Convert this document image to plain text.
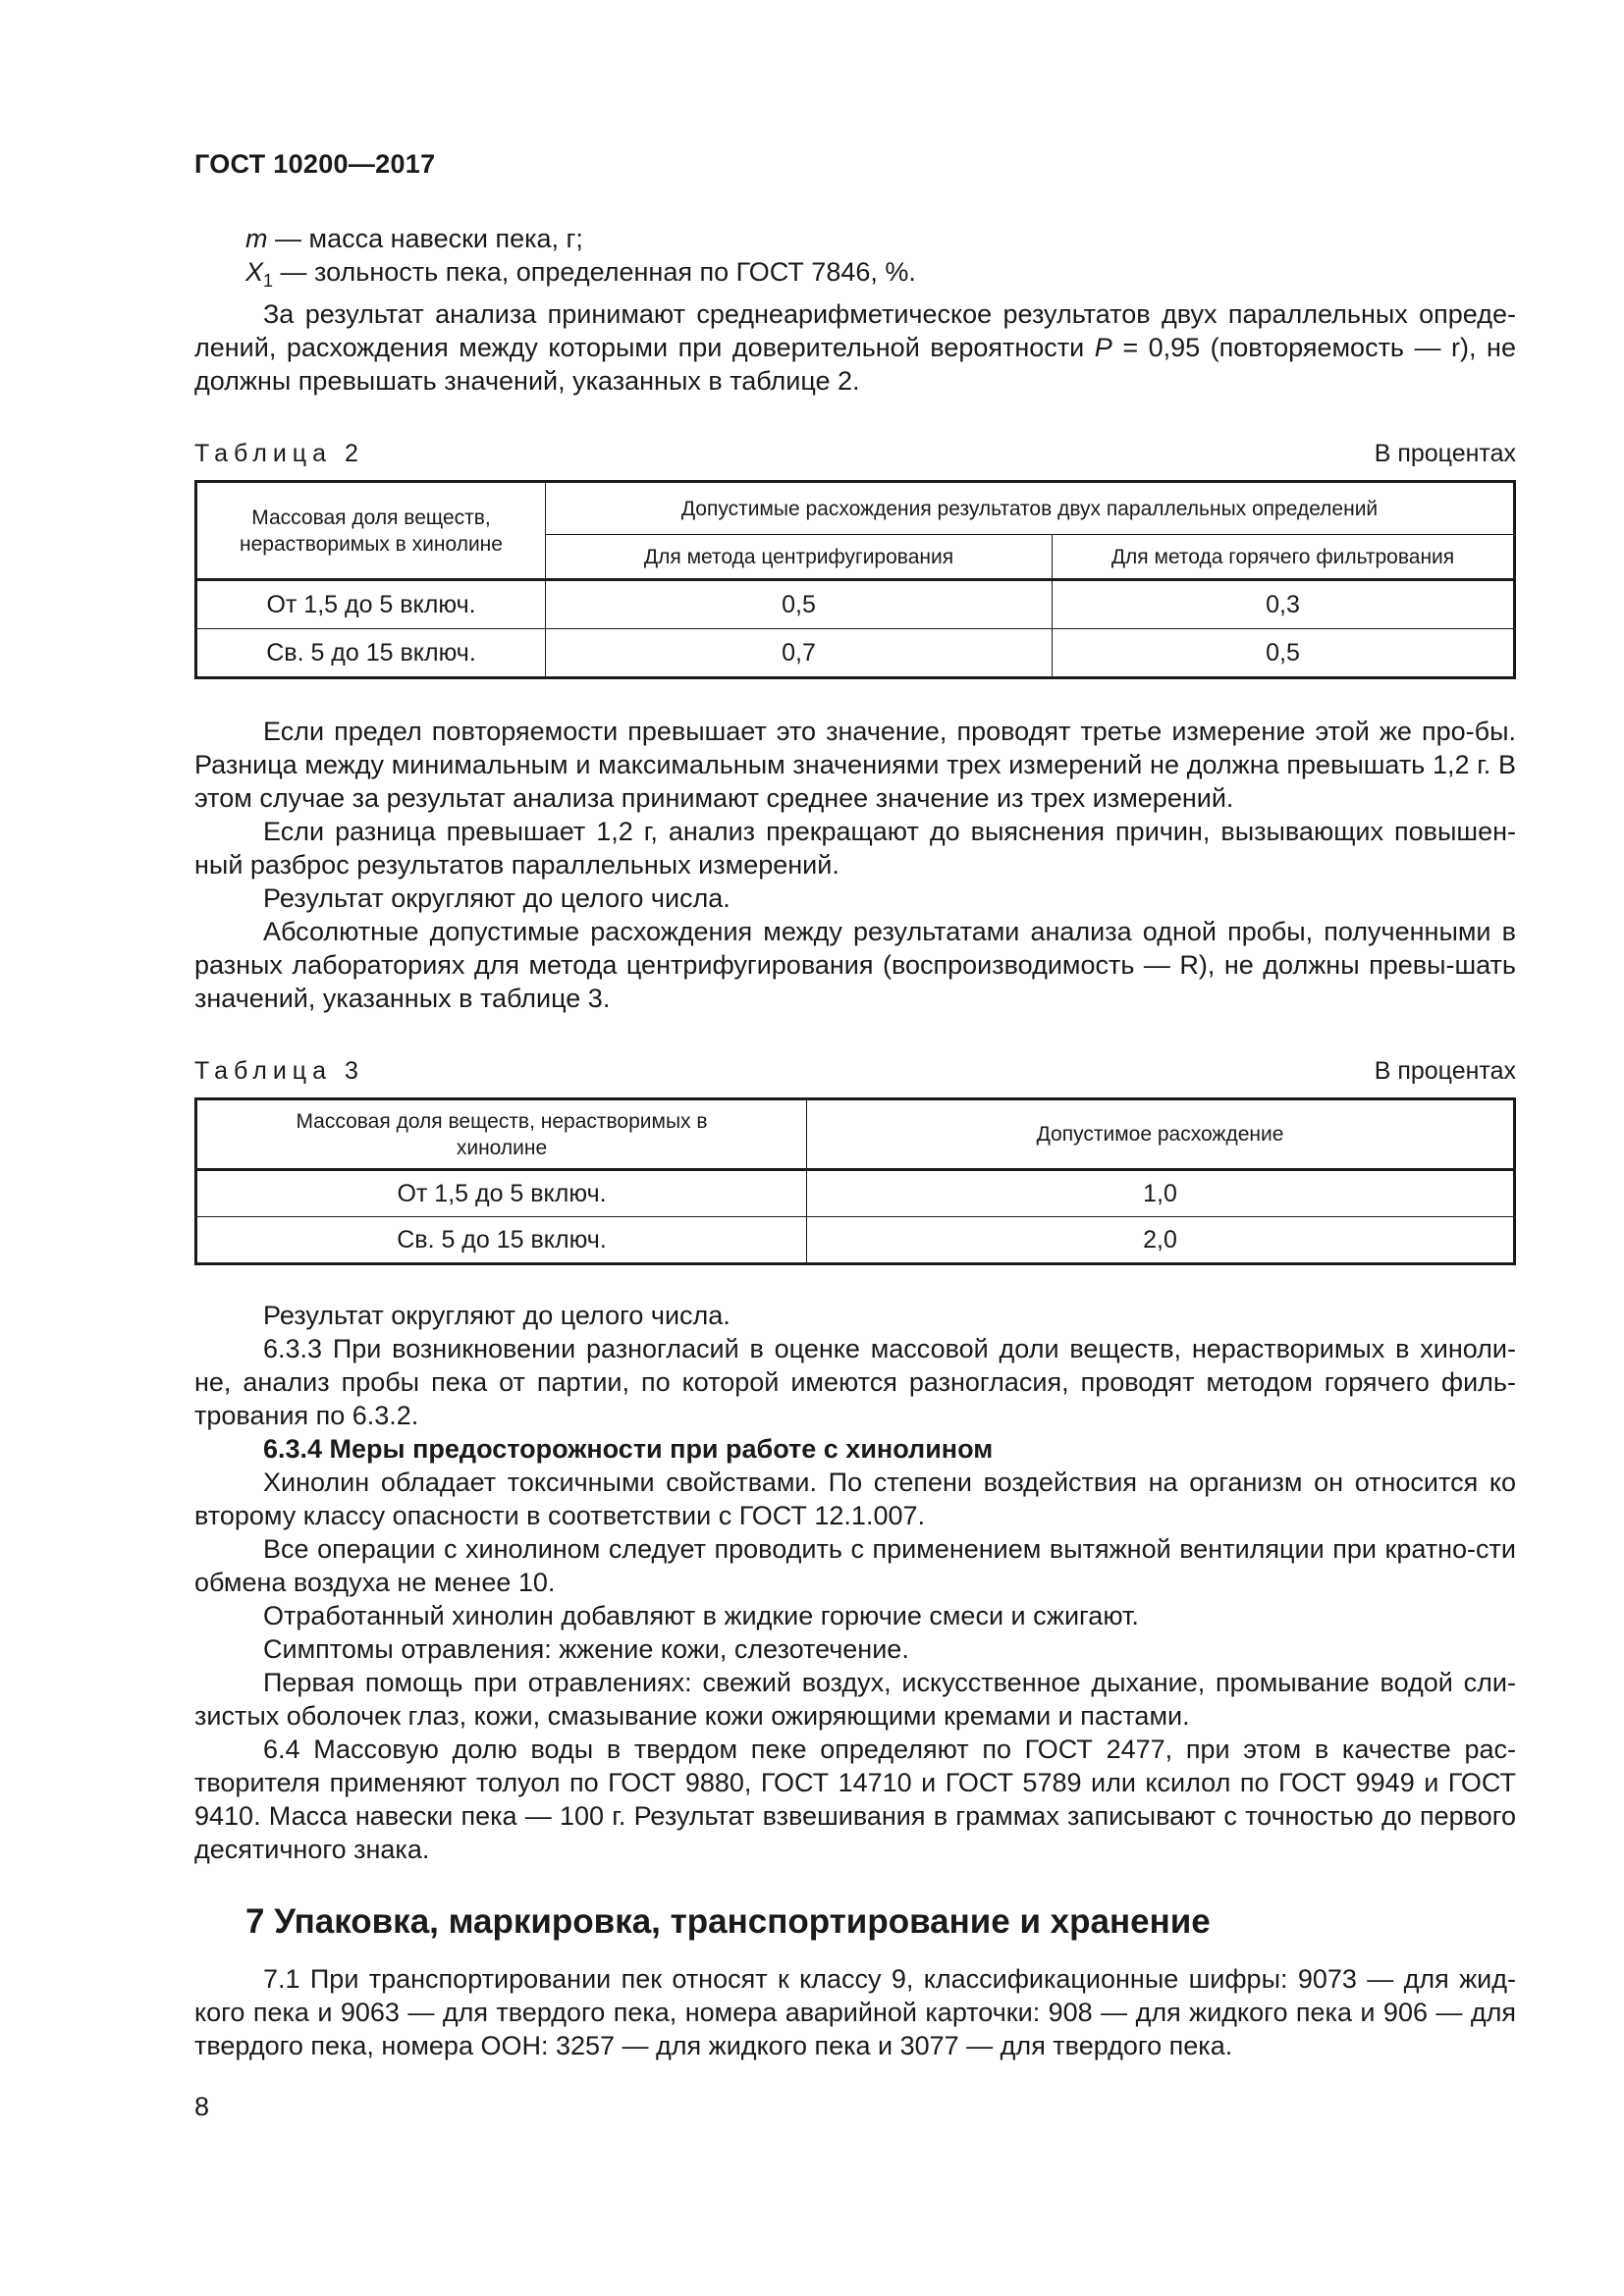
ГОСТ 10200—2017

m — масса навески пека, г;

$X_1$ — зольность пека, определенная по ГОСТ 7846, %.

За результат анализа принимают среднеарифметическое результатов двух параллельных опреде-лений, расхождения между которыми при доверительной вероятности P = 0,95 (повторяемость — r), не должны превышать значений, указанных в таблице 2.

Таблица 2	В процентах
Массовая доля веществ, нерастворимых в хинолине	Допустимые расхождения результатов двух параллельных определений	
	Для метода центрифугирования	Для метода горячего фильтрования
От 1,5 до 5 включ.	0,5	0,3
Св. 5 до 15 включ.	0,7	0,5

Если предел повторяемости превышает это значение, проводят третье измерение этой же про-бы. Разница между минимальным и максимальным значениями трех измерений не должна превышать 1,2 г. В этом случае за результат анализа принимают среднее значение из трех измерений.

Если разница превышает 1,2 г, анализ прекращают до выяснения причин, вызывающих повышен-ный разброс результатов параллельных измерений.

Результат округляют до целого числа.

Абсолютные допустимые расхождения между результатами анализа одной пробы, полученными в разных лабораториях для метода центрифугирования (воспроизводимость — R), не должны превы-шать значений, указанных в таблице 3.

Таблица 3	В процентах
Массовая доля веществ, нерастворимых в хинолине	Допустимое расхождение
От 1,5 до 5 включ.	1,0
Св. 5 до 15 включ.	2,0

Результат округляют до целого числа.

6.3.3 При возникновении разногласий в оценке массовой доли веществ, нерастворимых в хиноли-не, анализ пробы пека от партии, по которой имеются разногласия, проводят методом горячего филь-трования по 6.3.2.

6.3.4 Меры предосторожности при работе с хинолином

Хинолин обладает токсичными свойствами. По степени воздействия на организм он относится ко второму классу опасности в соответствии с ГОСТ 12.1.007.

Все операции с хинолином следует проводить с применением вытяжной вентиляции при кратно-сти обмена воздуха не менее 10.

Отработанный хинолин добавляют в жидкие горючие смеси и сжигают.

Симптомы отравления: жжение кожи, слезотечение.

Первая помощь при отравлениях: свежий воздух, искусственное дыхание, промывание водой сли-зистых оболочек глаз, кожи, смазывание кожи ожиряющими кремами и пастами.

6.4 Массовую долю воды в твердом пеке определяют по ГОСТ 2477, при этом в качестве рас-творителя применяют толуол по ГОСТ 9880, ГОСТ 14710 и ГОСТ 5789 или ксилол по ГОСТ 9949 и ГОСТ 9410. Масса навески пека — 100 г. Результат взвешивания в граммах записывают с точностью до первого десятичного знака.

7 Упаковка, маркировка, транспортирование и хранение

7.1 При транспортировании пек относят к классу 9, классификационные шифры: 9073 — для жид-кого пека и 9063 — для твердого пека, номера аварийной карточки: 908 — для жидкого пека и 906 — для твердого пека, номера ООН: 3257 — для жидкого пека и 3077 — для твердого пека.

8
